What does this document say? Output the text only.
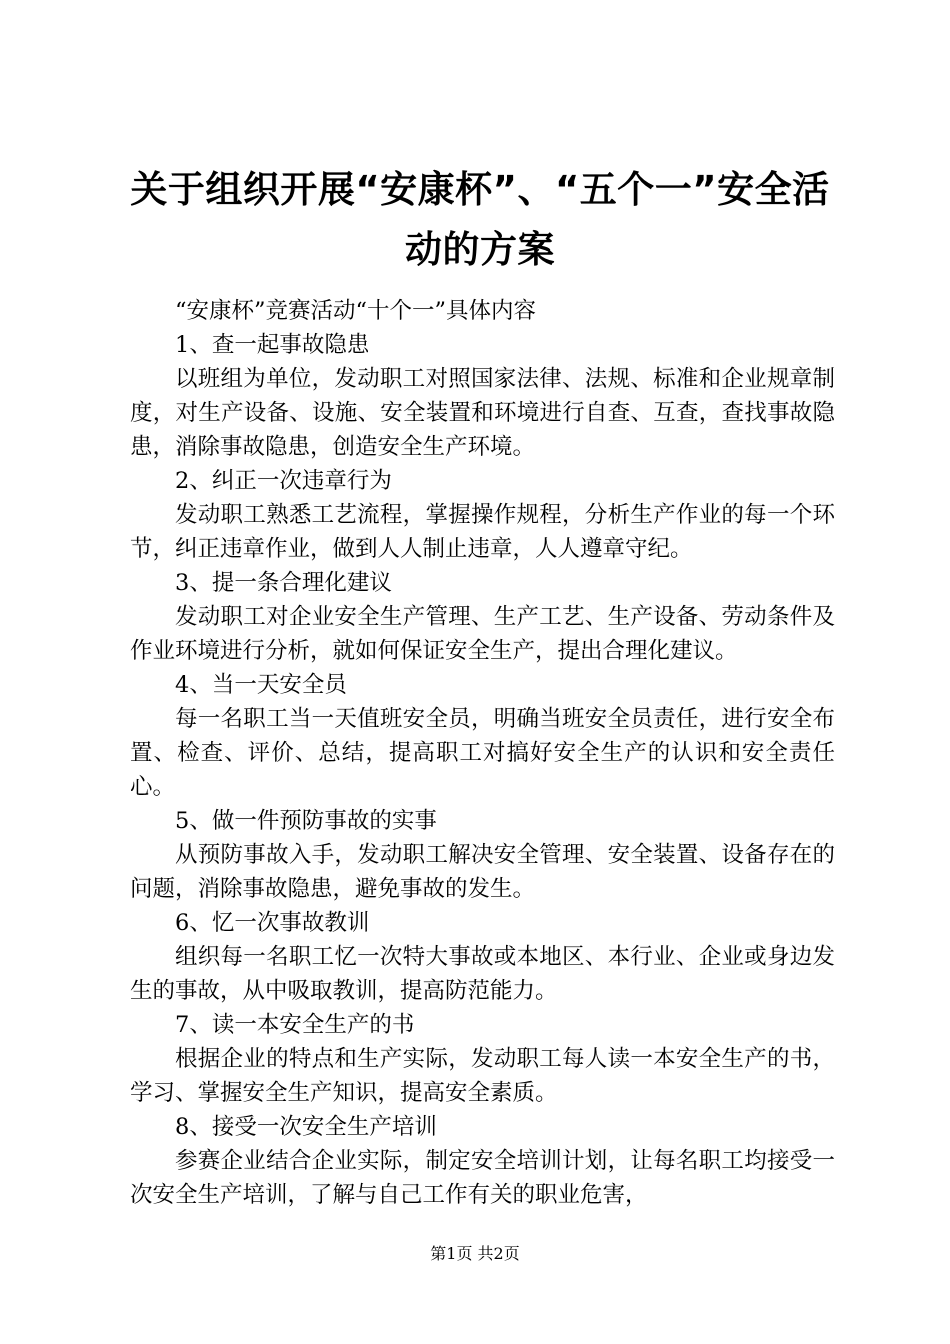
关于组织开展“安康杯”、“五个一”安全活
动的方案

“安康杯”竞赛活动“十个一”具体内容

1、查一起事故隐患

以班组为单位，发动职工对照国家法律、法规、标准和企业规章制度，对生产设备、设施、安全装置和环境进行自查、互查，查找事故隐患，消除事故隐患，创造安全生产环境。

2、纠正一次违章行为

发动职工熟悉工艺流程，掌握操作规程，分析生产作业的每一个环节，纠正违章作业，做到人人制止违章，人人遵章守纪。

3、提一条合理化建议

发动职工对企业安全生产管理、生产工艺、生产设备、劳动条件及作业环境进行分析，就如何保证安全生产，提出合理化建议。

4、当一天安全员

每一名职工当一天值班安全员，明确当班安全员责任，进行安全布置、检查、评价、总结，提高职工对搞好安全生产的认识和安全责任心。

5、做一件预防事故的实事

从预防事故入手，发动职工解决安全管理、安全装置、设备存在的问题，消除事故隐患，避免事故的发生。

6、忆一次事故教训

组织每一名职工忆一次特大事故或本地区、本行业、企业或身边发生的事故，从中吸取教训，提高防范能力。

7、读一本安全生产的书

根据企业的特点和生产实际，发动职工每人读一本安全生产的书，学习、掌握安全生产知识，提高安全素质。

8、接受一次安全生产培训

参赛企业结合企业实际，制定安全培训计划，让每名职工均接受一次安全生产培训，了解与自己工作有关的职业危害，

第1页 共2页
